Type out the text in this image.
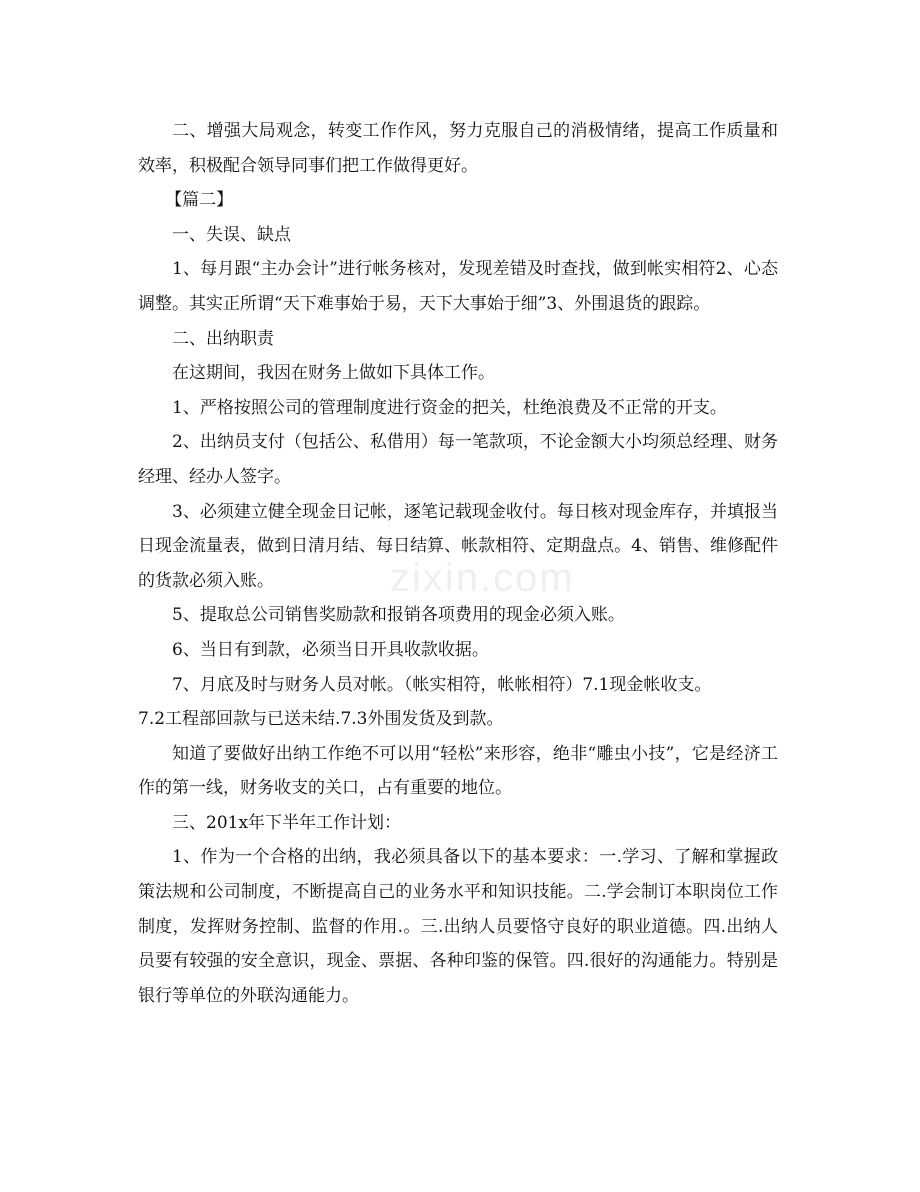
zixin.com

二、增强大局观念，转变工作作风，努力克服自己的消极情绪，提高工作质量和效率，积极配合领导同事们把工作做得更好。

【篇二】

一、失误、缺点

1、每月跟“主办会计”进行帐务核对，发现差错及时查找，做到帐实相符2、心态调整。其实正所谓“天下难事始于易，天下大事始于细”3、外围退货的跟踪。

二、出纳职责

在这期间，我因在财务上做如下具体工作。

1、严格按照公司的管理制度进行资金的把关，杜绝浪费及不正常的开支。

2、出纳员支付（包括公、私借用）每一笔款项，不论金额大小均须总经理、财务经理、经办人签字。

3、必须建立健全现金日记帐，逐笔记载现金收付。每日核对现金库存，并填报当日现金流量表，做到日清月结、每日结算、帐款相符、定期盘点。4、销售、维修配件的货款必须入账。

5、提取总公司销售奖励款和报销各项费用的现金必须入账。

6、当日有到款，必须当日开具收款收据。

7、月底及时与财务人员对帐。（帐实相符，帐帐相符）7.1现金帐收支。

7.2工程部回款与已送未结.7.3外围发货及到款。

知道了要做好出纳工作绝不可以用“轻松”来形容，绝非“雕虫小技”，它是经济工作的第一线，财务收支的关口，占有重要的地位。

三、201x年下半年工作计划：

1、作为一个合格的出纳，我必须具备以下的基本要求：一.学习、了解和掌握政策法规和公司制度，不断提高自己的业务水平和知识技能。二.学会制订本职岗位工作制度，发挥财务控制、监督的作用.。三.出纳人员要恪守良好的职业道德。四.出纳人员要有较强的安全意识，现金、票据、各种印鉴的保管。四.很好的沟通能力。特别是银行等单位的外联沟通能力。
